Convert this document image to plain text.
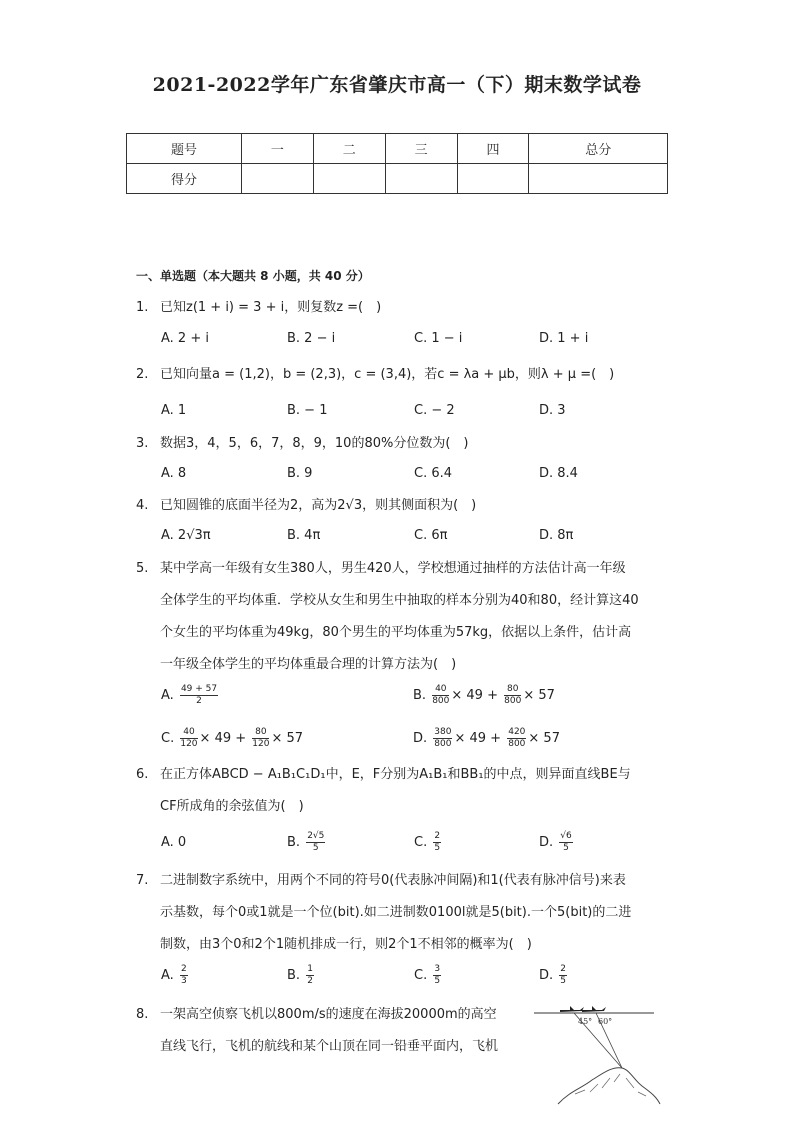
2021-2022学年广东省肇庆市高一（下）期末数学试卷
题号	一	二	三	四	总分
得分					
一、单选题（本大题共 8 小题，共 40 分）
1. 已知z(1 + i) = 3 + i，则复数z =(　)
A. 2 + i	B. 2 − i	C. 1 − i	D. 1 + i
2. 已知向量a = (1,2)，b = (2,3)，c = (3,4)，若c = λa + μb，则λ + μ =(　)
A. 1	B. − 1	C. − 2	D. 3
3. 数据3，4，5，6，7，8，9，10的80%分位数为(　)
A. 8	B. 9	C. 6.4	D. 8.4
4. 已知圆锥的底面半径为2，高为2√3，则其侧面积为(　)
A. 2√3π	B. 4π	C. 6π	D. 8π
5. 某中学高一年级有女生380人，男生420人，学校想通过抽样的方法估计高一年级
全体学生的平均体重．学校从女生和男生中抽取的样本分别为40和80，经计算这40
个女生的平均体重为49kg，80个男生的平均体重为57kg，依据以上条件，估计高
一年级全体学生的平均体重最合理的计算方法为(　)
A. $\frac{49 + 57}{2}$	B. $\frac{40}{800} \times 49 + \frac{80}{800} \times 57$
C. $\frac{40}{120} \times 49 + \frac{80}{120} \times 57$	D. $\frac{380}{800} \times 49 + \frac{420}{800} \times 57$
6. 在正方体ABCD − A₁B₁C₁D₁中，E，F分别为A₁B₁和BB₁的中点，则异面直线BE与
CF所成角的余弦值为(　)
A. 0	B. $\frac{2√5}{5}$	C. $\frac{2}{5}$	D. $\frac{√6}{5}$
7. 二进制数字系统中，用两个不同的符号0(代表脉冲间隔)和1(代表有脉冲信号)来表
示基数，每个0或1就是一个位(bit).如二进制数0100l就是5(bit).一个5(bit)的二进
制数，由3个0和2个1随机排成一行，则2个1不相邻的概率为(　)
A. $\frac{2}{3}$	B. $\frac{1}{2}$	C. $\frac{3}{5}$	D. $\frac{2}{5}$
8. 一架高空侦察飞机以800m/s的速度在海拔20000m的高空
直线飞行，飞机的航线和某个山顶在同一铅垂平面内，飞机
45° 60°
